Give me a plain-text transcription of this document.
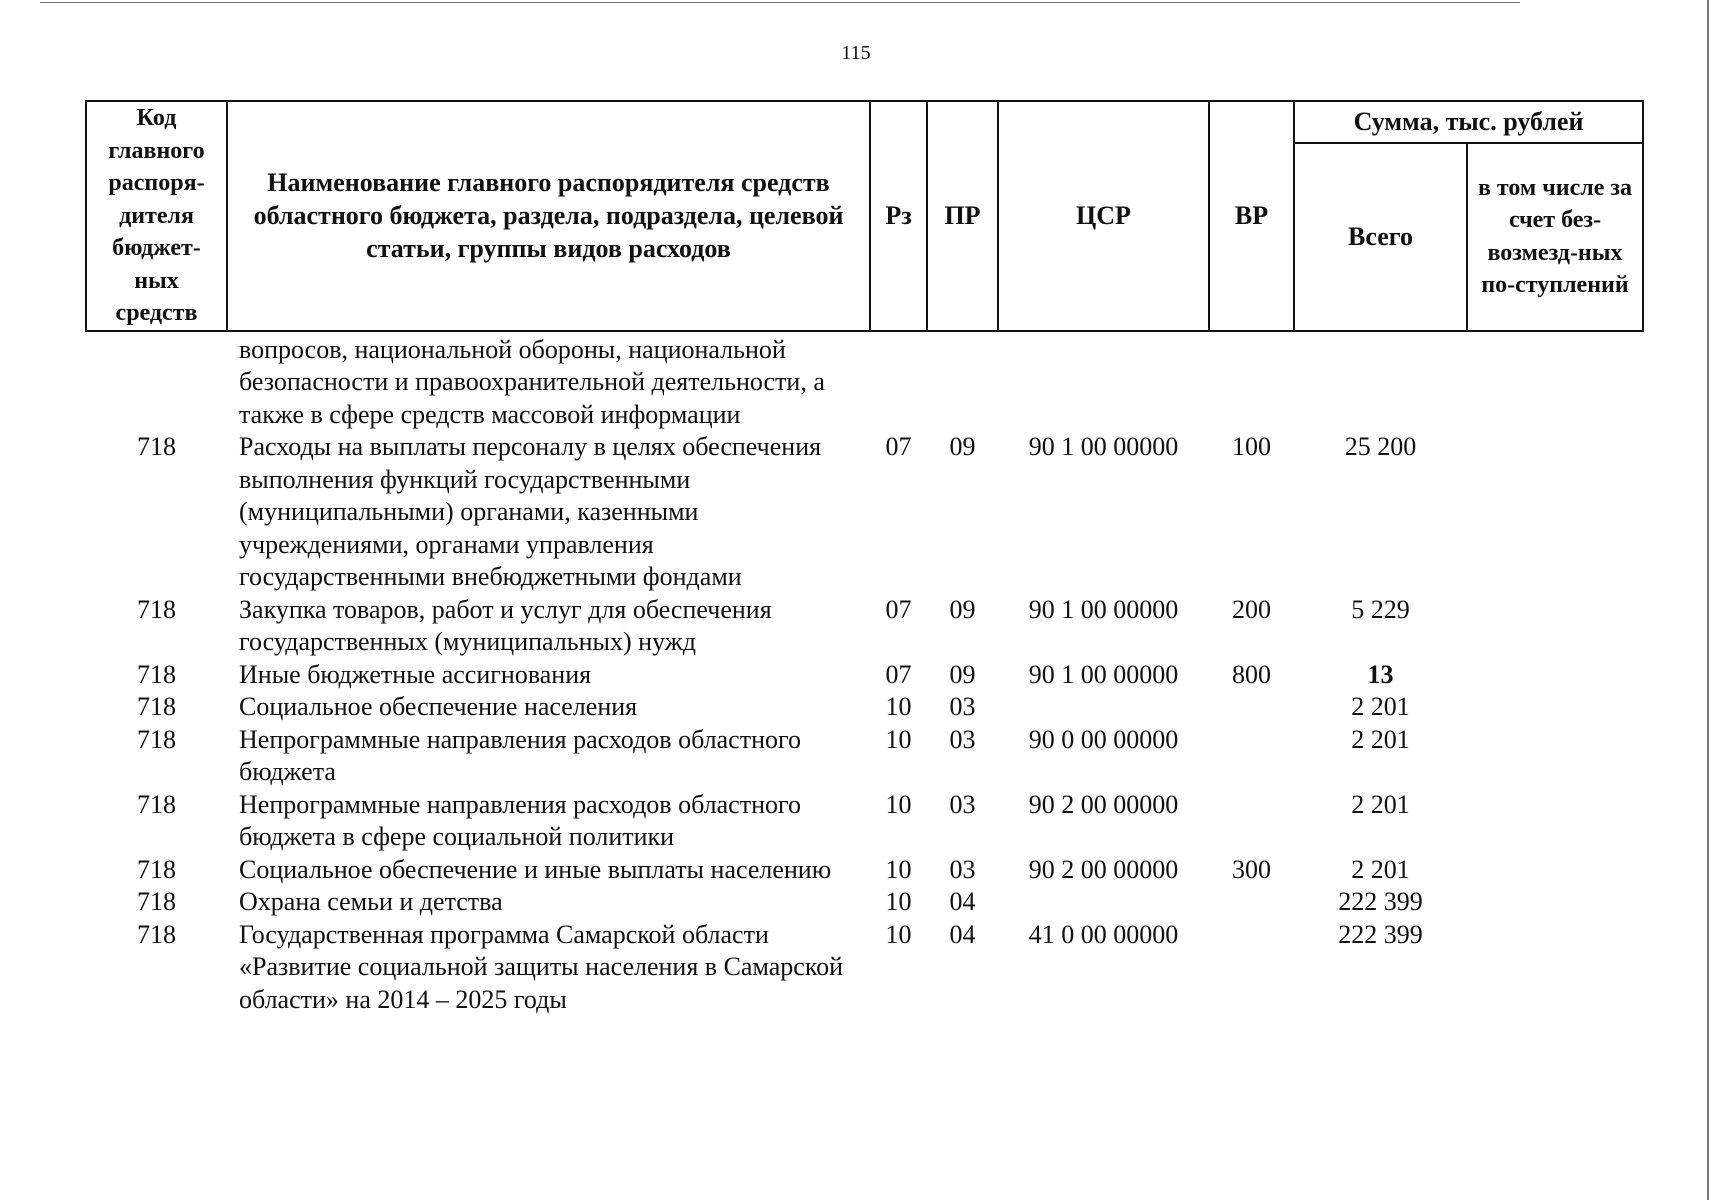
115
Код главного распоря-дителя бюджет-ных средств	Наименование главного распорядителя средств областного бюджета, раздела, подраздела, целевой статьи, группы видов расходов	Рз	ПР	ЦСР	ВР	Сумма, тыс. рублей	
						Всего	в том числе за счет без-возмезд-ных по-ступлений
	вопросов, национальной обороны, национальной безопасности и правоохранительной деятельности, а также в сфере средств массовой информации						
718	Расходы на выплаты персоналу в целях обеспечения выполнения функций государственными (муниципальными) органами, казенными учреждениями, органами управления государственными внебюджетными фондами	07	09	90 1 00 00000	100	25 200	
718	Закупка товаров, работ и услуг для обеспечения государственных (муниципальных) нужд	07	09	90 1 00 00000	200	5 229	
718	Иные бюджетные ассигнования	07	09	90 1 00 00000	800	13	
718	Социальное обеспечение населения	10	03			2 201	
718	Непрограммные направления расходов областного бюджета	10	03	90 0 00 00000		2 201	
718	Непрограммные направления расходов областного бюджета в сфере социальной политики	10	03	90 2 00 00000		2 201	
718	Социальное обеспечение и иные выплаты населению	10	03	90 2 00 00000	300	2 201	
718	Охрана семьи и детства	10	04			222 399	
718	Государственная программа Самарской области «Развитие социальной защиты населения в Самарской области» на 2014 – 2025 годы	10	04	41 0 00 00000		222 399	
